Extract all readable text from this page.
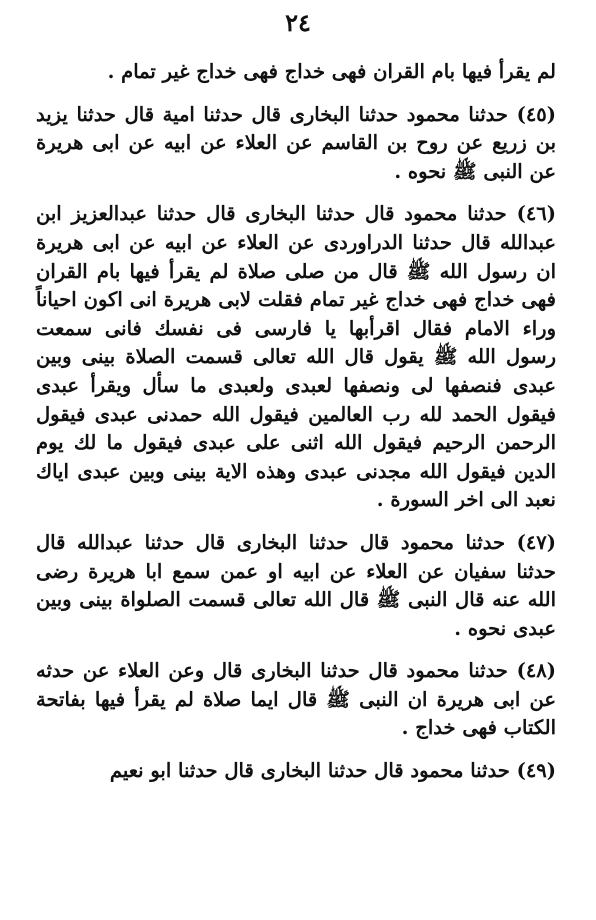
٢٤

لم يقرأ فيها بام القران فهى خداج فهى خداج غير تمام .

(٤٥) حدثنا محمود حدثنا البخارى قال حدثنا امية قال حدثنا يزيد بن زريع عن روح بن القاسم عن العلاء عن ابيه عن ابى هريرة عن النبى ﷺ نحوه .

(٤٦) حدثنا محمود قال حدثنا البخارى قال حدثنا عبدالعزيز ابن عبدالله قال حدثنا الدراوردى عن العلاء عن ابيه عن ابى هريرة ان رسول الله ﷺ قال من صلى صلاة لم يقرأ فيها بام القران فهى خداج فهى خداج غير تمام فقلت لابى هريرة انى اكون احياناً وراء الامام فقال اقرأبها يا فارسى فى نفسك فانى سمعت رسول الله ﷺ يقول قال الله تعالى قسمت الصلاة بينى وبين عبدى فنصفها لى ونصفها لعبدى ولعبدى ما سأل ويقرأ عبدى فيقول الحمد لله رب العالمين فيقول الله حمدنى عبدى فيقول الرحمن الرحيم فيقول الله اثنى على عبدى فيقول ما لك يوم الدين فيقول الله مجدنى عبدى وهذه الاية بينى وبين عبدى اياك نعبد الى اخر السورة .

(٤٧) حدثنا محمود قال حدثنا البخارى قال حدثنا عبدالله قال حدثنا سفيان عن العلاء عن ابيه او عمن سمع ابا هريرة رضى الله عنه قال النبى ﷺ قال الله تعالى قسمت الصلواة بينى وبين عبدى نحوه .

(٤٨) حدثنا محمود قال حدثنا البخارى قال وعن العلاء عن حدثه عن ابى هريرة ان النبى ﷺ قال ايما صلاة لم يقرأ فيها بفاتحة الكتاب فهى خداج .

(٤٩) حدثنا محمود قال حدثنا البخارى قال حدثنا ابو نعيم
